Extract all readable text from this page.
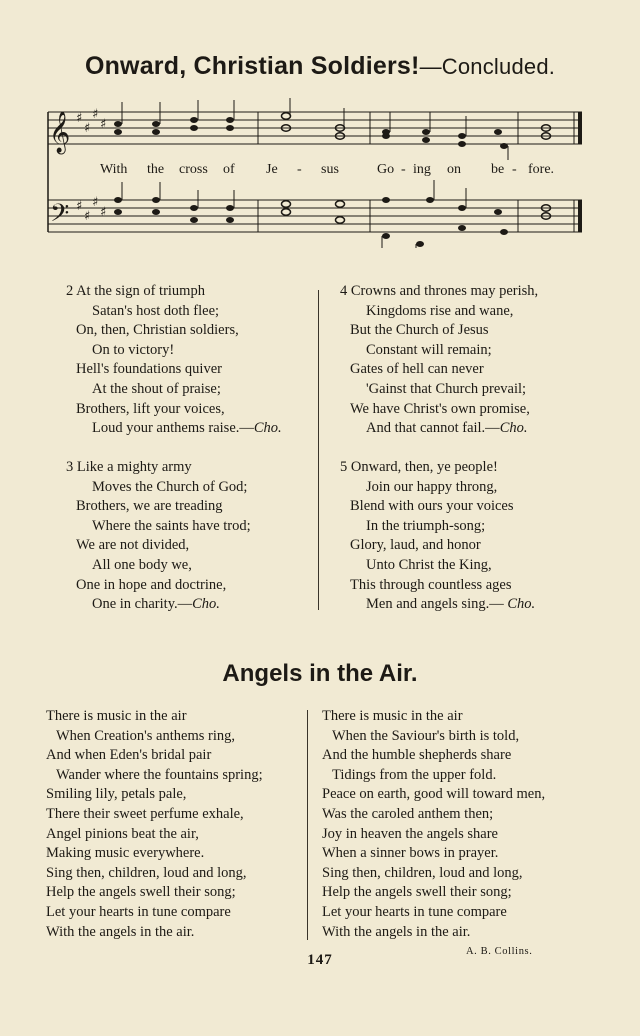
Onward, Christian Soldiers!—Concluded.
𝄞
𝄢
♯
♯
♯
♯
♯
♯
♯
♯
With the cross of Je - sus	Go - ing on be - fore.
2 At the sign of triumph
Satan's host doth flee;
On, then, Christian soldiers,
On to victory!
Hell's foundations quiver
At the shout of praise;
Brothers, lift your voices,
Loud your anthems raise.—Cho.
3 Like a mighty army
Moves the Church of God;
Brothers, we are treading
Where the saints have trod;
We are not divided,
All one body we,
One in hope and doctrine,
One in charity.—Cho.
4 Crowns and thrones may perish,
Kingdoms rise and wane,
But the Church of Jesus
Constant will remain;
Gates of hell can never
'Gainst that Church prevail;
We have Christ's own promise,
And that cannot fail.—Cho.
5 Onward, then, ye people!
Join our happy throng,
Blend with ours your voices
In the triumph-song;
Glory, laud, and honor
Unto Christ the King,
This through countless ages
Men and angels sing.— Cho.
Angels in the Air.
There is music in the air
When Creation's anthems ring,
And when Eden's bridal pair
Wander where the fountains spring;
Smiling lily, petals pale,
There their sweet perfume exhale,
Angel pinions beat the air,
Making music everywhere.
Sing then, children, loud and long,
Help the angels swell their song;
Let your hearts in tune compare
With the angels in the air.
There is music in the air
When the Saviour's birth is told,
And the humble shepherds share
Tidings from the upper fold.
Peace on earth, good will toward men,
Was the caroled anthem then;
Joy in heaven the angels share
When a sinner bows in prayer.
Sing then, children, loud and long,
Help the angels swell their song;
Let your hearts in tune compare
With the angels in the air.
A. B. Collins.
147
